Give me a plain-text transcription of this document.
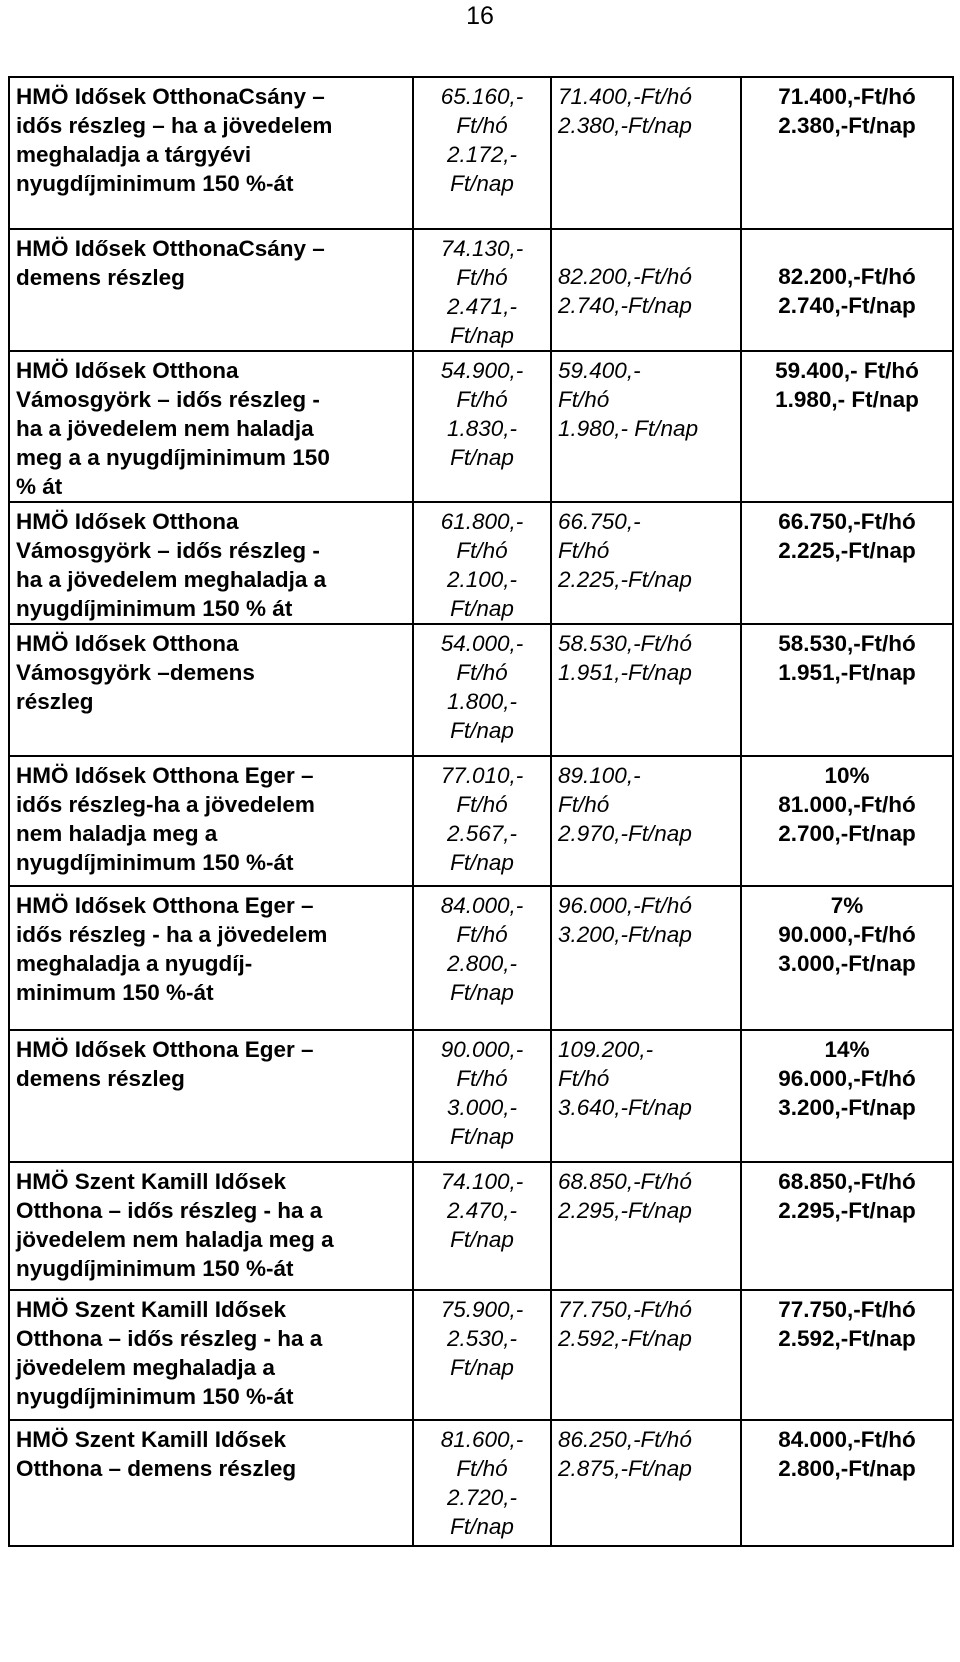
16
HMÖ Idősek OtthonaCsány –
idős részleg – ha a jövedelem
meghaladja a tárgyévi
nyugdíjminimum 150 %-át	65.160,-
Ft/hó
2.172,-
Ft/nap	71.400,-Ft/hó
2.380,-Ft/nap	71.400,-Ft/hó
2.380,-Ft/nap

HMÖ Idősek OtthonaCsány –
demens részleg	74.130,-
Ft/hó
2.471,-
Ft/nap	82.200,-Ft/hó
2.740,-Ft/nap	82.200,-Ft/hó
2.740,-Ft/nap

HMÖ Idősek Otthona
Vámosgyörk – idős részleg -
ha a jövedelem nem haladja
meg a a nyugdíjminimum 150
% át	54.900,-
Ft/hó
1.830,-
Ft/nap	59.400,-
Ft/hó
1.980,- Ft/nap	59.400,- Ft/hó
1.980,- Ft/nap

HMÖ Idősek Otthona
Vámosgyörk – idős részleg -
ha a jövedelem meghaladja a
nyugdíjminimum 150 % át	61.800,-
Ft/hó
2.100,-
Ft/nap	66.750,-
Ft/hó
2.225,-Ft/nap	66.750,-Ft/hó
2.225,-Ft/nap

HMÖ Idősek Otthona
Vámosgyörk –demens
részleg	54.000,-
Ft/hó
1.800,-
Ft/nap	58.530,-Ft/hó
1.951,-Ft/nap	58.530,-Ft/hó
1.951,-Ft/nap

HMÖ Idősek Otthona Eger –
idős részleg-ha a jövedelem
nem haladja meg a
nyugdíjminimum 150 %-át	77.010,-
Ft/hó
2.567,-
Ft/nap	89.100,-
Ft/hó
2.970,-Ft/nap	10%
81.000,-Ft/hó
2.700,-Ft/nap

HMÖ Idősek Otthona Eger –
idős részleg - ha a jövedelem
meghaladja a nyugdíj-
minimum 150 %-át	84.000,-
Ft/hó
2.800,-
Ft/nap	96.000,-Ft/hó
3.200,-Ft/nap	7%
90.000,-Ft/hó
3.000,-Ft/nap

HMÖ Idősek Otthona Eger –
demens részleg	90.000,-
Ft/hó
3.000,-
Ft/nap	109.200,-
Ft/hó
3.640,-Ft/nap	14%
96.000,-Ft/hó
3.200,-Ft/nap

HMÖ Szent Kamill Idősek
Otthona – idős részleg - ha a
jövedelem nem haladja meg a
nyugdíjminimum 150 %-át	74.100,-
2.470,-
Ft/nap	68.850,-Ft/hó
2.295,-Ft/nap	68.850,-Ft/hó
2.295,-Ft/nap

HMÖ Szent Kamill Idősek
Otthona – idős részleg - ha a
jövedelem meghaladja a
nyugdíjminimum 150 %-át	75.900,-
2.530,-
Ft/nap	77.750,-Ft/hó
2.592,-Ft/nap	77.750,-Ft/hó
2.592,-Ft/nap

HMÖ Szent Kamill Idősek
Otthona – demens részleg	81.600,-
Ft/hó
2.720,-
Ft/nap	86.250,-Ft/hó
2.875,-Ft/nap	84.000,-Ft/hó
2.800,-Ft/nap
